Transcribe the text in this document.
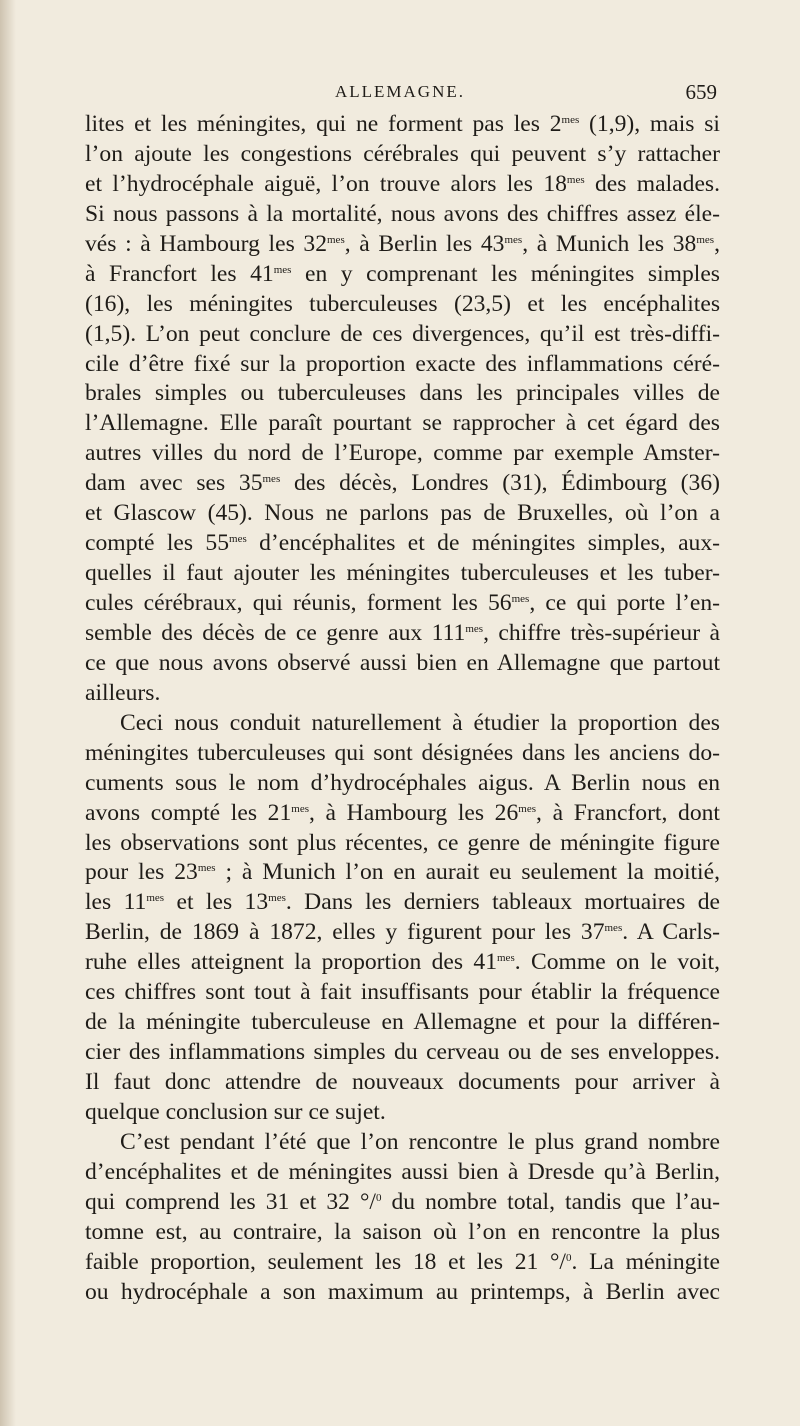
ALLEMAGNE.	659
lites et les méningites, qui ne forment pas les $2^{mes}$ (1,9), mais si
l’on ajoute les congestions cérébrales qui peuvent s’y rattacher
et l’hydrocéphale aiguë, l’on trouve alors les $18^{mes}$ des malades.
Si nous passons à la mortalité, nous avons des chiffres assez éle-
vés : à Hambourg les $32^{mes}$, à Berlin les $43^{mes}$, à Munich les $38^{mes}$,
à Francfort les $41^{mes}$ en y comprenant les méningites simples
(16), les méningites tuberculeuses (23,5) et les encéphalites
(1,5). L’on peut conclure de ces divergences, qu’il est très-diffi-
cile d’être fixé sur la proportion exacte des inflammations céré-
brales simples ou tuberculeuses dans les principales villes de
l’Allemagne. Elle paraît pourtant se rapprocher à cet égard des
autres villes du nord de l’Europe, comme par exemple Amster-
dam avec ses $35^{mes}$ des décès, Londres (31), Édimbourg (36)
et Glascow (45). Nous ne parlons pas de Bruxelles, où l’on a
compté les $55^{mes}$ d’encéphalites et de méningites simples, aux-
quelles il faut ajouter les méningites tuberculeuses et les tuber-
cules cérébraux, qui réunis, forment les $56^{mes}$, ce qui porte l’en-
semble des décès de ce genre aux $111^{mes}$, chiffre très-supérieur à
ce que nous avons observé aussi bien en Allemagne que partout
ailleurs.
Ceci nous conduit naturellement à étudier la proportion des
méningites tuberculeuses qui sont désignées dans les anciens do-
cuments sous le nom d’hydrocéphales aigus. A Berlin nous en
avons compté les $21^{mes}$, à Hambourg les $26^{mes}$, à Francfort, dont
les observations sont plus récentes, ce genre de méningite figure
pour les $23^{mes}$ ; à Munich l’on en aurait eu seulement la moitié,
les $11^{mes}$ et les $13^{mes}$. Dans les derniers tableaux mortuaires de
Berlin, de 1869 à 1872, elles y figurent pour les $37^{mes}$. A Carls-
ruhe elles atteignent la proportion des $41^{mes}$. Comme on le voit,
ces chiffres sont tout à fait insuffisants pour établir la fréquence
de la méningite tuberculeuse en Allemagne et pour la différen-
cier des inflammations simples du cerveau ou de ses enveloppes.
Il faut donc attendre de nouveaux documents pour arriver à
quelque conclusion sur ce sujet.
C’est pendant l’été que l’on rencontre le plus grand nombre
d’encéphalites et de méningites aussi bien à Dresde qu’à Berlin,
qui comprend les 31 et 32 °/$^0$ du nombre total, tandis que l’au-
tomne est, au contraire, la saison où l’on en rencontre la plus
faible proportion, seulement les 18 et les 21 °/$^0$. La méningite
ou hydrocéphale a son maximum au printemps, à Berlin avec
